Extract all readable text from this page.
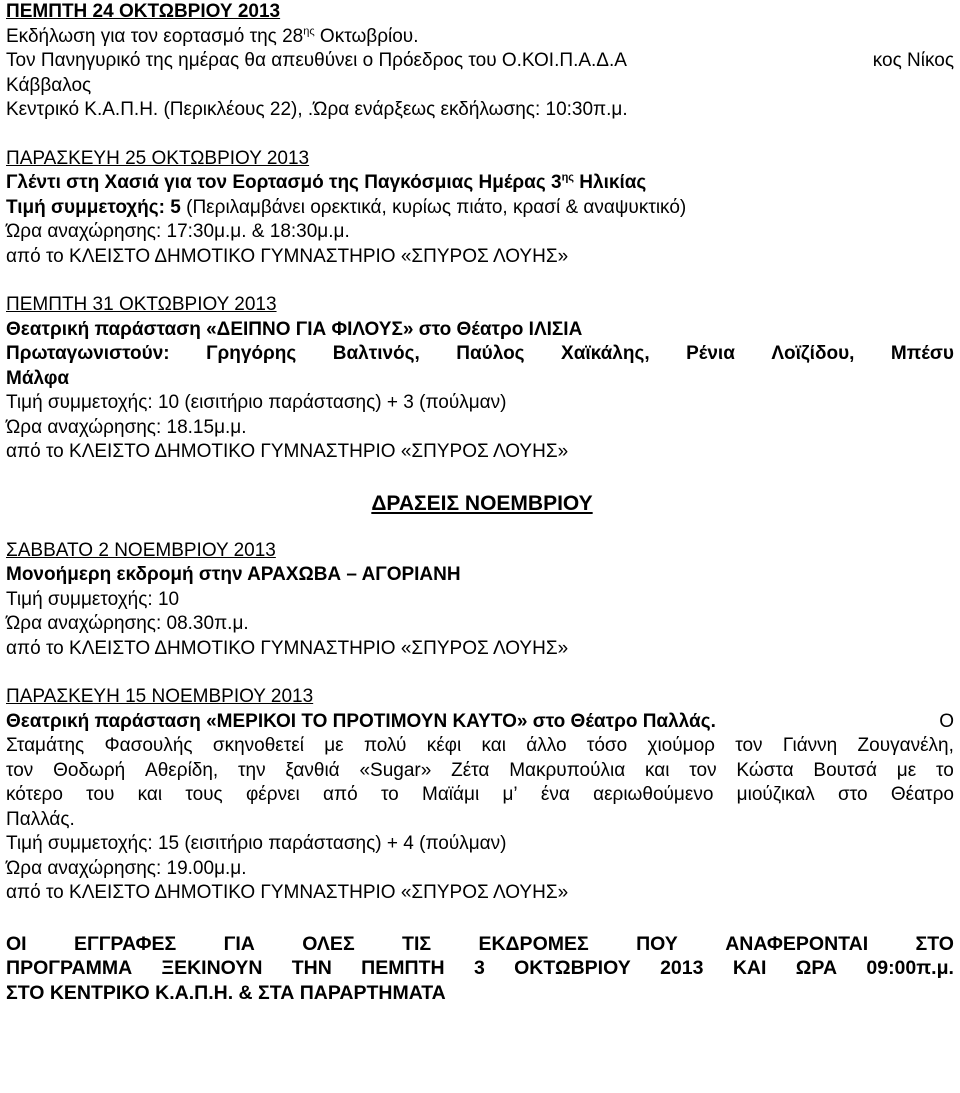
ΠΕΜΠΤΗ 24 ΟΚΤΩΒΡΙΟΥ 2013
Εκδήλωση για τον εορτασμό της $28^{\eta\varsigma}$ Οκτωβρίου.
Τον Πανηγυρικό της ημέρας θα απευθύνει ο Πρόεδρος του Ο.ΚΟΙ.Π.Α.Δ.Α	κος Νίκος
Κάββαλος
Κεντρικό Κ.Α.Π.Η. (Περικλέους 22), .Ώρα ενάρξεως εκδήλωσης: 10:30π.μ.
ΠΑΡΑΣΚΕΥΗ 25 ΟΚΤΩΒΡΙΟΥ 2013
Γλέντι στη Χασιά για τον Εορτασμό της Παγκόσμιας Ημέρας $3^{\eta\varsigma}$ Ηλικίας
Τιμή συμμετοχής: 5 (Περιλαμβάνει ορεκτικά, κυρίως πιάτο, κρασί & αναψυκτικό)
Ώρα αναχώρησης: 17:30μ.μ. & 18:30μ.μ.
από το ΚΛΕΙΣΤΟ ΔΗΜΟΤΙΚΟ ΓΥΜΝΑΣΤΗΡΙΟ «ΣΠΥΡΟΣ ΛΟΥΗΣ»
ΠΕΜΠΤΗ 31 ΟΚΤΩΒΡΙΟΥ 2013
Θεατρική παράσταση «ΔΕΙΠΝΟ ΓΙΑ ΦΙΛΟΥΣ» στο Θέατρο ΙΛΙΣΙΑ
Πρωταγωνιστούν: Γρηγόρης Βαλτινός, Παύλος Χαϊκάλης, Ρένια Λοϊζίδου, Μπέσυ
Μάλφα
Τιμή συμμετοχής: 10 (εισιτήριο παράστασης) + 3 (πούλμαν)
Ώρα αναχώρησης: 18.15μ.μ.
από το ΚΛΕΙΣΤΟ ΔΗΜΟΤΙΚΟ ΓΥΜΝΑΣΤΗΡΙΟ «ΣΠΥΡΟΣ ΛΟΥΗΣ»
ΔΡΑΣΕΙΣ ΝΟΕΜΒΡΙΟΥ
ΣΑΒΒΑΤΟ 2 ΝΟΕΜΒΡΙΟΥ 2013
Μονοήμερη εκδρομή στην ΑΡΑΧΩΒΑ – ΑΓΟΡΙΑΝΗ
Τιμή συμμετοχής: 10
Ώρα αναχώρησης: 08.30π.μ.
από το ΚΛΕΙΣΤΟ ΔΗΜΟΤΙΚΟ ΓΥΜΝΑΣΤΗΡΙΟ «ΣΠΥΡΟΣ ΛΟΥΗΣ»
ΠΑΡΑΣΚΕΥΗ 15 ΝΟΕΜΒΡΙΟΥ 2013
Θεατρική παράσταση «ΜΕΡΙΚΟΙ ΤΟ ΠΡΟΤΙΜΟΥΝ ΚΑΥΤΟ» στο Θέατρο Παλλάς.	Ο
Σταμάτης Φασουλής σκηνοθετεί με πολύ κέφι και άλλο τόσο χιούμορ τον Γιάννη Ζουγανέλη,
τον Θοδωρή Αθερίδη, την ξανθιά «Sugar» Ζέτα Μακρυπούλια και τον Κώστα Βουτσά με το
κότερο του και τους φέρνει από το Μαϊάμι μ’ ένα αεριωθούμενο μιούζικαλ στο Θέατρο
Παλλάς.
Τιμή συμμετοχής: 15 (εισιτήριο παράστασης) + 4 (πούλμαν)
Ώρα αναχώρησης: 19.00μ.μ.
από το ΚΛΕΙΣΤΟ ΔΗΜΟΤΙΚΟ ΓΥΜΝΑΣΤΗΡΙΟ «ΣΠΥΡΟΣ ΛΟΥΗΣ»
ΟΙ ΕΓΓΡΑΦΕΣ ΓΙΑ ΟΛΕΣ ΤΙΣ ΕΚΔΡΟΜΕΣ ΠΟΥ ΑΝΑΦΕΡΟΝΤΑΙ ΣΤΟ
ΠΡΟΓΡΑΜΜΑ ΞΕΚΙΝΟΥΝ ΤΗΝ ΠΕΜΠΤΗ 3 ΟΚΤΩΒΡΙΟΥ 2013 ΚΑΙ ΩΡΑ 09:00π.μ.
ΣΤΟ ΚΕΝΤΡΙΚΟ Κ.Α.Π.Η. & ΣΤΑ ΠΑΡΑΡΤΗΜΑΤΑ
